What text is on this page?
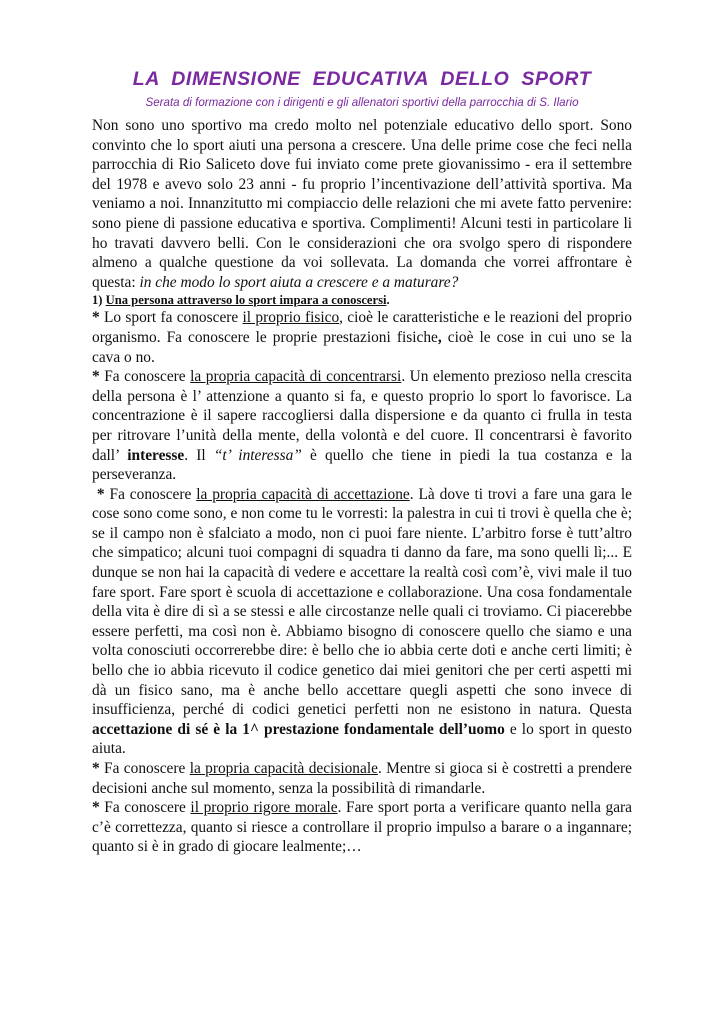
LA DIMENSIONE EDUCATIVA DELLO SPORT
Serata di formazione con i dirigenti e gli allenatori sportivi della parrocchia di S. Ilario

Non sono uno sportivo ma credo molto nel potenziale educativo dello sport. Sono convinto che lo sport aiuti una persona a crescere. Una delle prime cose che feci nella parrocchia di Rio Saliceto dove fui inviato come prete giovanissimo - era il settembre del 1978 e avevo solo 23 anni - fu proprio l’incentivazione dell’attività sportiva. Ma veniamo a noi. Innanzitutto mi compiaccio delle relazioni che mi avete fatto pervenire: sono piene di passione educativa e sportiva. Complimenti! Alcuni testi in particolare li ho travati davvero belli. Con le considerazioni che ora svolgo spero di rispondere almeno a qualche questione da voi sollevata. La domanda che vorrei affrontare è questa: in che modo lo sport aiuta a crescere e a maturare?

1) Una persona attraverso lo sport impara a conoscersi.

* Lo sport fa conoscere il proprio fisico, cioè le caratteristiche e le reazioni del proprio organismo. Fa conoscere le proprie prestazioni fisiche, cioè le cose in cui uno se la cava o no.

* Fa conoscere la propria capacità di concentrarsi. Un elemento prezioso nella crescita della persona è l’ attenzione a quanto si fa, e questo proprio lo sport lo favorisce. La concentrazione è il sapere raccogliersi dalla dispersione e da quanto ci frulla in testa per ritrovare l’unità della mente, della volontà e del cuore. Il concentrarsi è favorito dall’ interesse. Il “t’ interessa” è quello che tiene in piedi la tua costanza e la perseveranza.

* Fa conoscere la propria capacità di accettazione. Là dove ti trovi a fare una gara le cose sono come sono, e non come tu le vorresti: la palestra in cui ti trovi è quella che è; se il campo non è sfalciato a modo, non ci puoi fare niente. L’arbitro forse è tutt’altro che simpatico; alcuni tuoi compagni di squadra ti danno da fare, ma sono quelli lì;... E dunque se non hai la capacità di vedere e accettare la realtà così com’è, vivi male il tuo fare sport. Fare sport è scuola di accettazione e collaborazione. Una cosa fondamentale della vita è dire di sì a se stessi e alle circostanze nelle quali ci troviamo. Ci piacerebbe essere perfetti, ma così non è. Abbiamo bisogno di conoscere quello che siamo e una volta conosciuti occorrerebbe dire: è bello che io abbia certe doti e anche certi limiti; è bello che io abbia ricevuto il codice genetico dai miei genitori che per certi aspetti mi dà un fisico sano, ma è anche bello accettare quegli aspetti che sono invece di insufficienza, perché di codici genetici perfetti non ne esistono in natura. Questa accettazione di sé è la 1^ prestazione fondamentale dell’uomo e lo sport in questo aiuta.

* Fa conoscere la propria capacità decisionale. Mentre si gioca si è costretti a prendere decisioni anche sul momento, senza la possibilità di rimandarle.

* Fa conoscere il proprio rigore morale. Fare sport porta a verificare quanto nella gara c’è correttezza, quanto si riesce a controllare il proprio impulso a barare o a ingannare; quanto si è in grado di giocare lealmente;…
